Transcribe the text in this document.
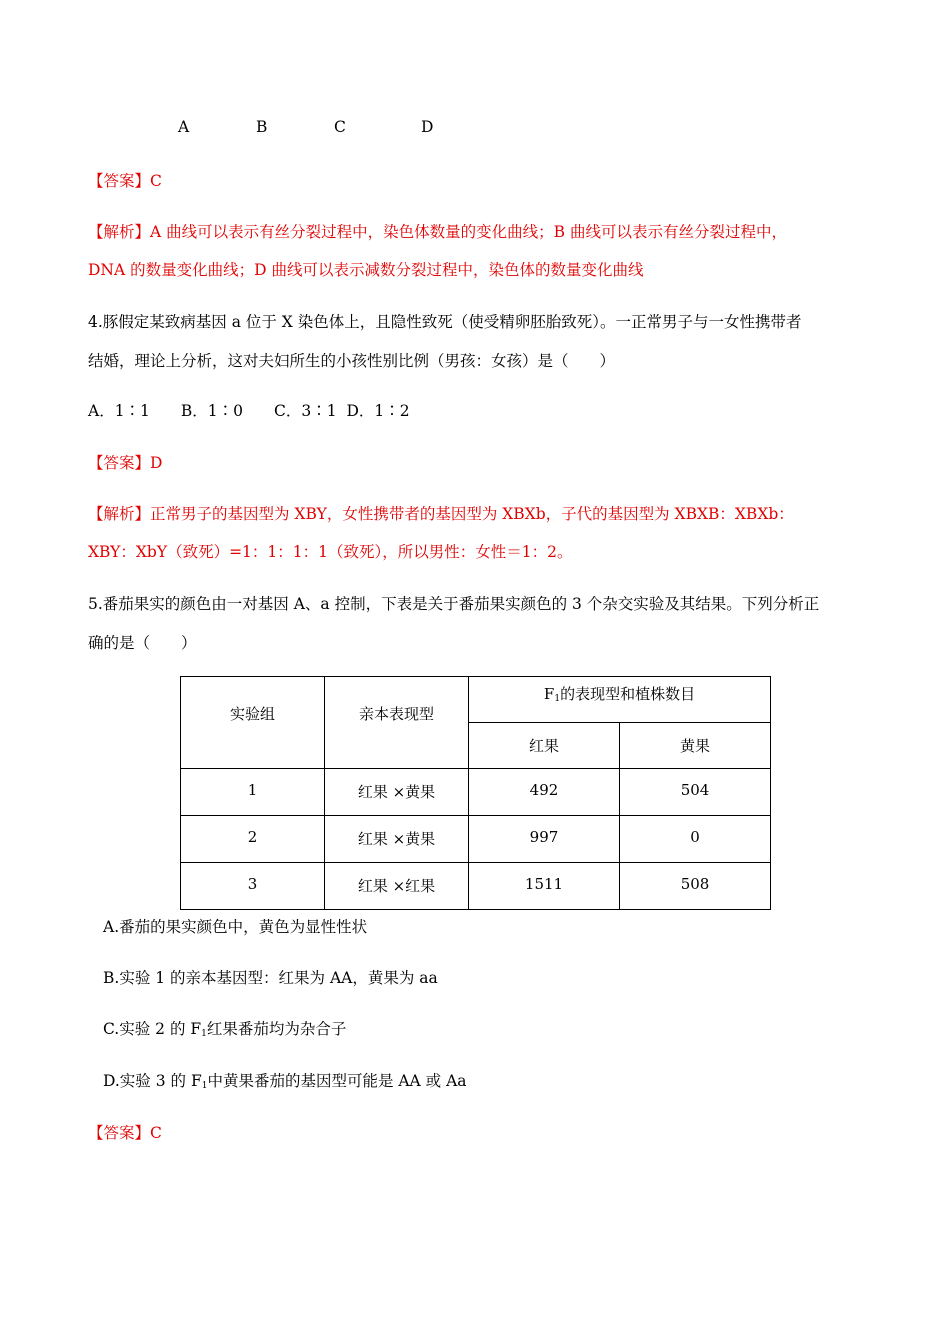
A	B	C	D
【答案】C
【解析】A 曲线可以表示有丝分裂过程中，染色体数量的变化曲线；B 曲线可以表示有丝分裂过程中，
DNA 的数量变化曲线；D 曲线可以表示减数分裂过程中，染色体的数量变化曲线
4.豚假定某致病基因 a 位于 X 染色体上，且隐性致死（使受精卵胚胎致死）。一正常男子与一女性携带者
结婚，理论上分析，这对夫妇所生的小孩性别比例（男孩：女孩）是（　　）
A．1∶1　　B．1∶0　　C．3∶1  D．1∶2
【答案】D
【解析】正常男子的基因型为 XBY，女性携带者的基因型为 XBXb，子代的基因型为 XBXB：XBXb：
XBY：XbY（致死）=1：1：1：1（致死），所以男性：女性＝1：2。
5.番茄果实的颜色由一对基因 A、a 控制，下表是关于番茄果实颜色的 3 个杂交实验及其结果。下列分析正
确的是（　　）
实验组	亲本表现型	$F_1$的表现型和植株数目	
		红果	黄果
1	红果 ×黄果	492	504
2	红果 ×黄果	997	0
3	红果 ×红果	1511	508
A.番茄的果实颜色中，黄色为显性性状
B.实验 1 的亲本基因型：红果为 AA，黄果为 aa
C.实验 2 的 $F_1$红果番茄均为杂合子
D.实验 3 的 $F_1$中黄果番茄的基因型可能是 AA 或 Aa
【答案】C
